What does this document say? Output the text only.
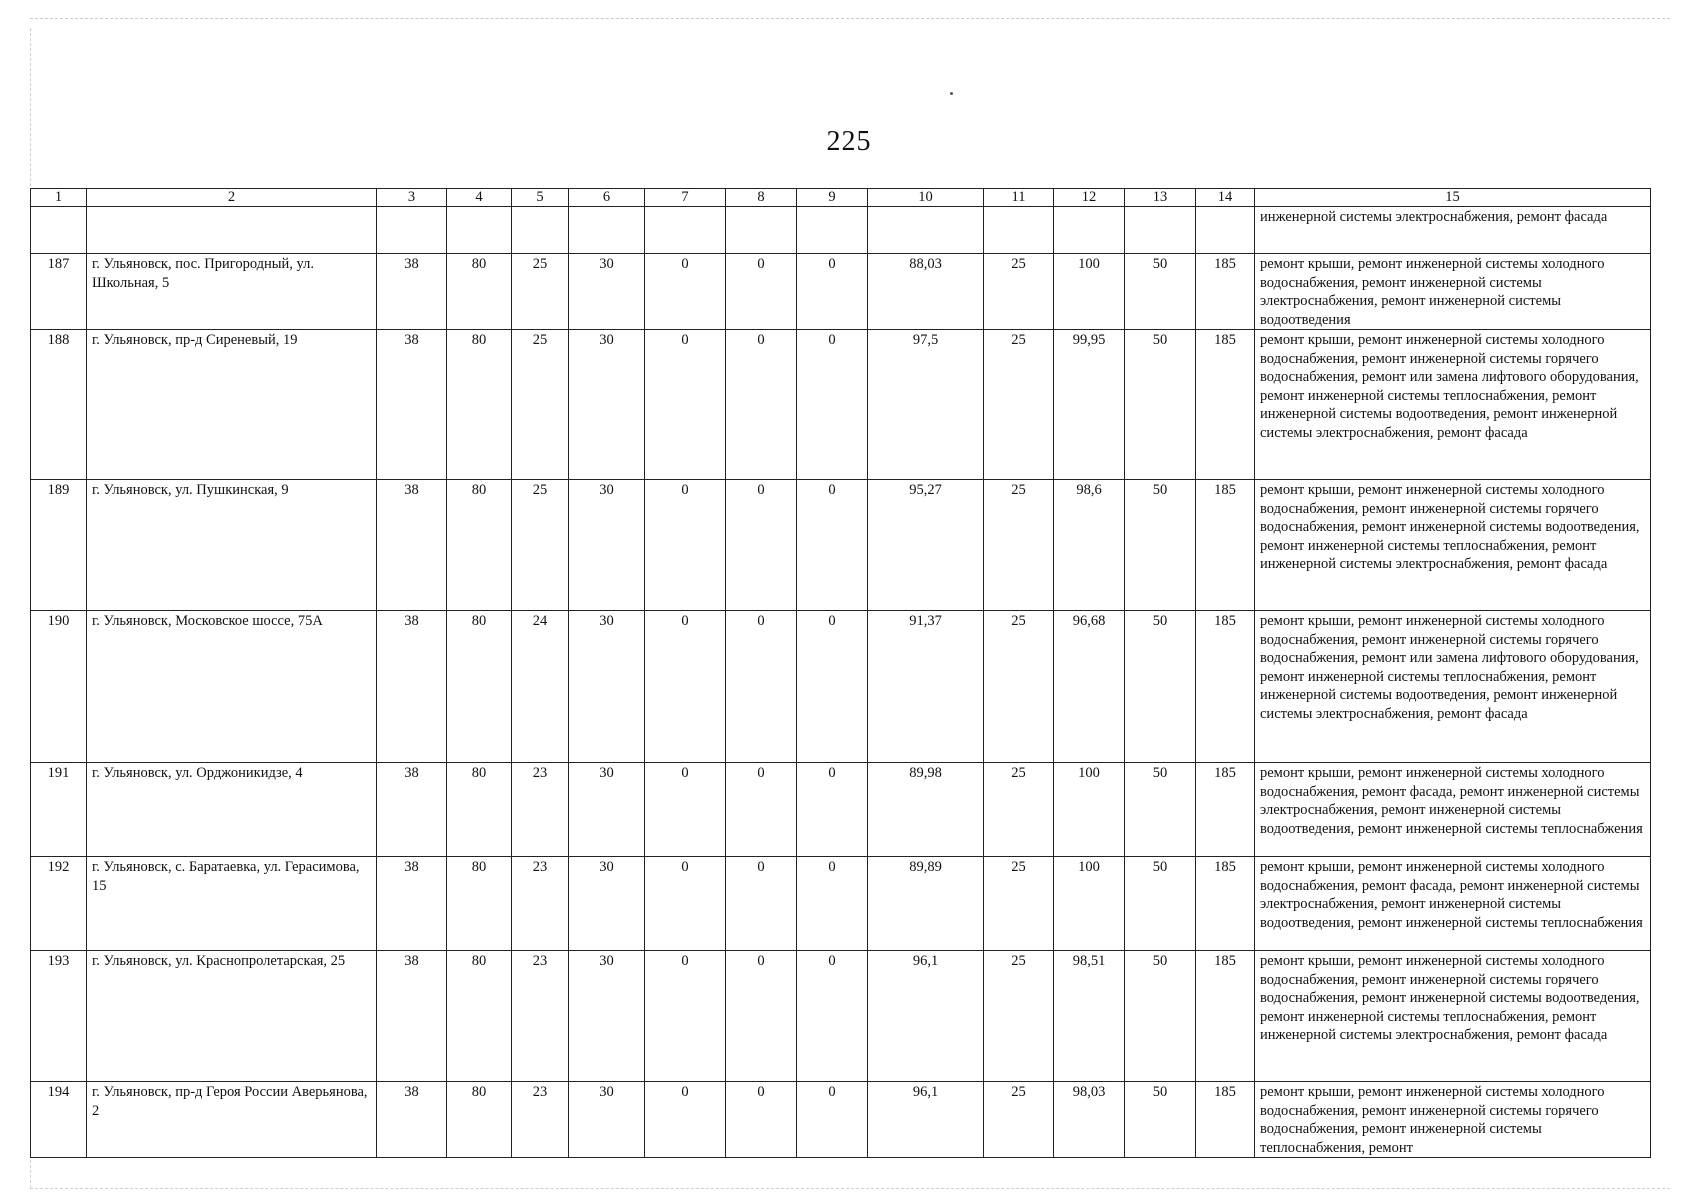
225
1	2	3	4	5	6	7	8	9	10	11	12	13	14	15
														инженерной системы электроснабжения, ремонт фасада
187	г. Ульяновск, пос. Пригородный, ул. Школьная, 5	38	80	25	30	0	0	0	88,03	25	100	50	185	ремонт крыши, ремонт инженерной системы холодного водоснабжения, ремонт инженерной системы электроснабжения, ремонт инженерной системы водоотведения
188	г. Ульяновск, пр-д Сиреневый, 19	38	80	25	30	0	0	0	97,5	25	99,95	50	185	ремонт крыши, ремонт инженерной системы холодного водоснабжения, ремонт инженерной системы горячего водоснабжения, ремонт или замена лифтового оборудования, ремонт инженерной системы теплоснабжения, ремонт инженерной системы водоотведения, ремонт инженерной системы электроснабжения, ремонт фасада
189	г. Ульяновск, ул. Пушкинская, 9	38	80	25	30	0	0	0	95,27	25	98,6	50	185	ремонт крыши, ремонт инженерной системы холодного водоснабжения, ремонт инженерной системы горячего водоснабжения, ремонт инженерной системы водоотведения, ремонт инженерной системы теплоснабжения, ремонт инженерной системы электроснабжения, ремонт фасада
190	г. Ульяновск, Московское шоссе, 75А	38	80	24	30	0	0	0	91,37	25	96,68	50	185	ремонт крыши, ремонт инженерной системы холодного водоснабжения, ремонт инженерной системы горячего водоснабжения, ремонт или замена лифтового оборудования, ремонт инженерной системы теплоснабжения, ремонт инженерной системы водоотведения, ремонт инженерной системы электроснабжения, ремонт фасада
191	г. Ульяновск, ул. Орджоникидзе, 4	38	80	23	30	0	0	0	89,98	25	100	50	185	ремонт крыши, ремонт инженерной системы холодного водоснабжения, ремонт фасада, ремонт инженерной системы электроснабжения, ремонт инженерной системы водоотведения, ремонт инженерной системы теплоснабжения
192	г. Ульяновск, с. Баратаевка, ул. Герасимова, 15	38	80	23	30	0	0	0	89,89	25	100	50	185	ремонт крыши, ремонт инженерной системы холодного водоснабжения, ремонт фасада, ремонт инженерной системы электроснабжения, ремонт инженерной системы водоотведения, ремонт инженерной системы теплоснабжения
193	г. Ульяновск, ул. Краснопролетарская, 25	38	80	23	30	0	0	0	96,1	25	98,51	50	185	ремонт крыши, ремонт инженерной системы холодного водоснабжения, ремонт инженерной системы горячего водоснабжения, ремонт инженерной системы водоотведения, ремонт инженерной системы теплоснабжения, ремонт инженерной системы электроснабжения, ремонт фасада
194	г. Ульяновск, пр-д Героя России Аверьянова, 2	38	80	23	30	0	0	0	96,1	25	98,03	50	185	ремонт крыши, ремонт инженерной системы холодного водоснабжения, ремонт инженерной системы горячего водоснабжения, ремонт инженерной системы теплоснабжения, ремонт
